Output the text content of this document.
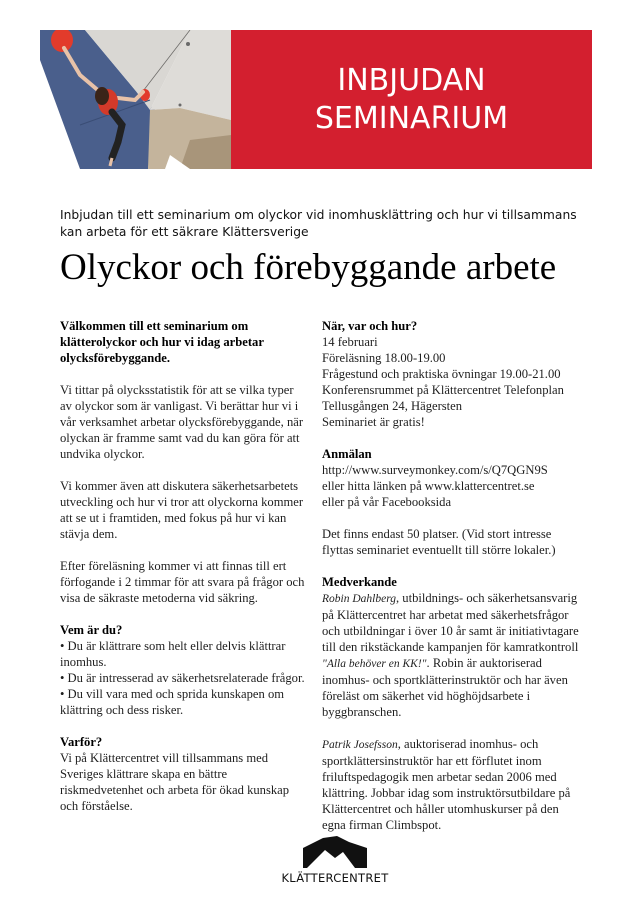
INBJUDAN
SEMINARIUM
Inbjudan till ett seminarium om olyckor vid inomhusklättring och hur vi tillsammans kan arbeta för ett säkrare Klättersverige
Olyckor och förebyggande arbete

Välkommen till ett seminarium om klätterolyckor och hur vi idag arbetar olycksförebyggande.

Vi tittar på olycksstatistik för att se vilka typer av olyckor som är vanligast. Vi berättar hur vi i vår verksamhet arbetar olycksförebyggande, när olyckan är framme samt vad du kan göra för att undvika olyckor.

Vi kommer även att diskutera säkerhetsarbetets utveckling och hur vi tror att olyckorna kommer att se ut i framtiden, med fokus på hur vi kan stävja dem.

Efter föreläsning kommer vi att finnas till ert förfogande i 2 timmar för att svara på frågor och visa de säkraste metoderna vid säkring.

Vem är du?
• Du är klättrare som helt eller delvis klättrar inomhus.
• Du är intresserad av säkerhetsrelaterade frågor.
• Du vill vara med och sprida kunskapen om klättring och dess risker.
Varför?
Vi på Klättercentret vill tillsammans med Sveriges klättrare skapa en bättre riskmedvetenhet och arbeta för ökad kunskap och förståelse.
När, var och hur?
14 februari
Föreläsning 18.00-19.00
Frågestund och praktiska övningar 19.00-21.00
Konferensrummet på Klättercentret Telefonplan
Tellusgången 24, Hägersten
Seminariet är gratis!
Anmälan
http://www.surveymonkey.com/s/Q7QGN9S
eller hitta länken på www.klattercentret.se
eller på vår Facebooksida

Det finns endast 50 platser. (Vid stort intresse flyttas seminariet eventuellt till större lokaler.)

Medverkande
Robin Dahlberg, utbildnings- och säkerhetsansvarig på Klättercentret har arbetat med säkerhetsfrågor och utbildningar i över 10 år samt är initiativtagare till den rikstäckande kampanjen för kamratkontroll "Alla behöver en KK!". Robin är auktoriserad inomhus- och sportklätterinstruktör och har även föreläst om säkerhet vid höghöjdsarbete i byggbranschen.

Patrik Josefsson, auktoriserad inomhus- och sportklättersinstruktör har ett förflutet inom friluftspedagogik men arbetar sedan 2006 med klättring. Jobbar idag som instruktörsutbildare på Klättercentret och håller utomhuskurser på den egna firman Climbspot.

KLÄTTERCENTRET
